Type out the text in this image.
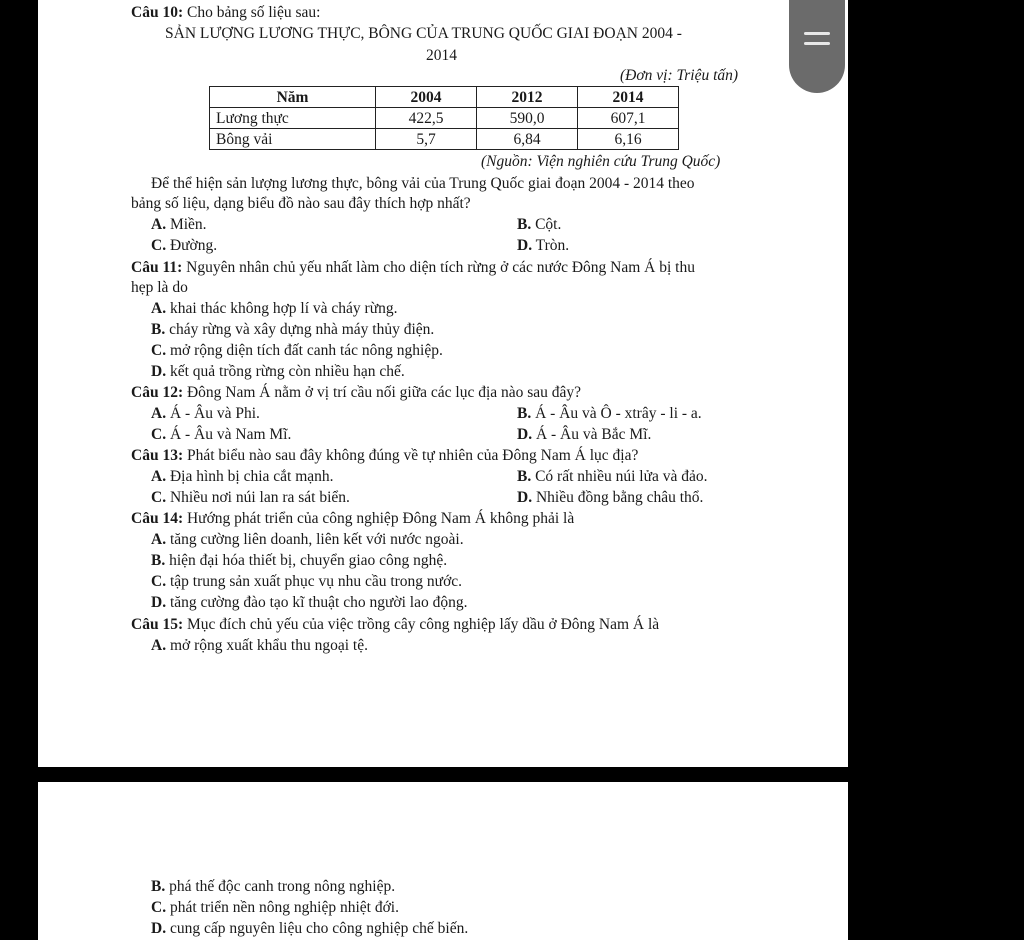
Câu 10: Cho bảng số liệu sau:
SẢN LƯỢNG LƯƠNG THỰC, BÔNG CỦA TRUNG QUỐC GIAI ĐOẠN 2004 -
2014
(Đơn vị: Triệu tấn)
Năm	2004	2012	2014
Lương thực	422,5	590,0	607,1
Bông vải	5,7	6,84	6,16
(Nguồn: Viện nghiên cứu Trung Quốc)
Để thể hiện sản lượng lương thực, bông vải của Trung Quốc giai đoạn 2004 - 2014 theo
bảng số liệu, dạng biểu đồ nào sau đây thích hợp nhất?
A. Miền.	B. Cột.
C. Đường.	D. Tròn.
Câu 11: Nguyên nhân chủ yếu nhất làm cho diện tích rừng ở các nước Đông Nam Á bị thu
hẹp là do
A. khai thác không hợp lí và cháy rừng.
B. cháy rừng và xây dựng nhà máy thủy điện.
C. mở rộng diện tích đất canh tác nông nghiệp.
D. kết quả trồng rừng còn nhiều hạn chế.
Câu 12: Đông Nam Á nằm ở vị trí cầu nối giữa các lục địa nào sau đây?
A. Á - Âu và Phi.	B. Á - Âu và Ô - xtrây - li - a.
C. Á - Âu và Nam Mĩ.	D. Á - Âu và Bắc Mĩ.
Câu 13: Phát biểu nào sau đây không đúng về tự nhiên của Đông Nam Á lục địa?
A. Địa hình bị chia cắt mạnh.	B. Có rất nhiều núi lửa và đảo.
C. Nhiều nơi núi lan ra sát biển.	D. Nhiều đồng bằng châu thổ.
Câu 14: Hướng phát triển của công nghiệp Đông Nam Á không phải là
A. tăng cường liên doanh, liên kết với nước ngoài.
B. hiện đại hóa thiết bị, chuyển giao công nghệ.
C. tập trung sản xuất phục vụ nhu cầu trong nước.
D. tăng cường đào tạo kĩ thuật cho người lao động.
Câu 15: Mục đích chủ yếu của việc trồng cây công nghiệp lấy dầu ở Đông Nam Á là
A. mở rộng xuất khẩu thu ngoại tệ.
B. phá thế độc canh trong nông nghiệp.
C. phát triển nền nông nghiệp nhiệt đới.
D. cung cấp nguyên liệu cho công nghiệp chế biến.
